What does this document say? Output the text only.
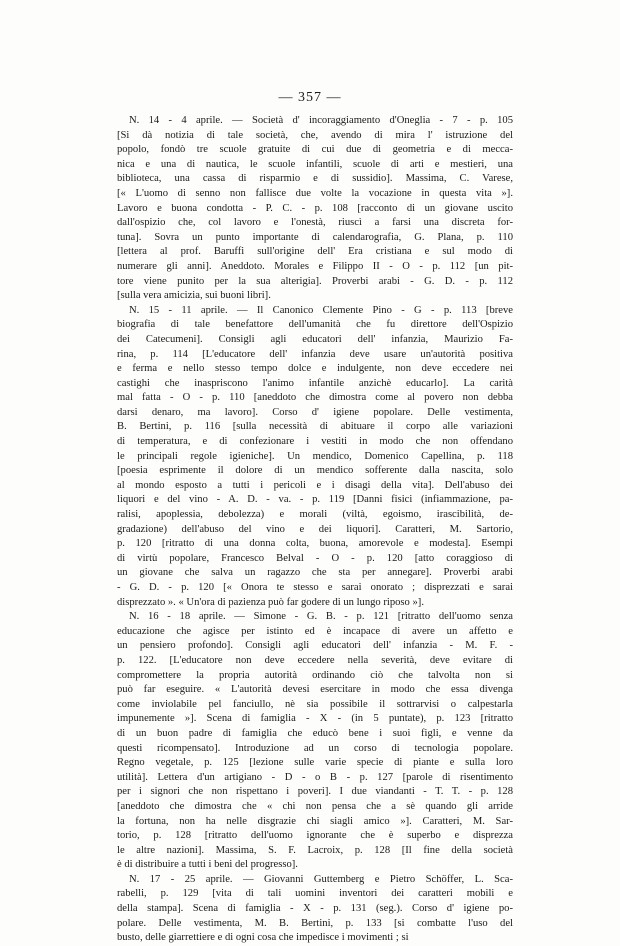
— 357 —
N. 14 - 4 aprile. — Società d' incoraggiamento d'Oneglia - 7 - p. 105
[Si dà notizia di tale società, che, avendo di mira l' istruzione del
popolo, fondò tre scuole gratuite di cui due di geometria e di mecca-
nica e una di nautica, le scuole infantili, scuole di arti e mestieri, una
biblioteca, una cassa di risparmio e di sussidio]. Massima, C. Varese,
[« L'uomo di senno non fallisce due volte la vocazione in questa vita »].
Lavoro e buona condotta - P. C. - p. 108 [racconto di un giovane uscito
dall'ospizio che, col lavoro e l'onestà, riuscì a farsi una discreta for-
tuna]. Sovra un punto importante di calendarografia, G. Plana, p. 110
[lettera al prof. Baruffi sull'origine dell' Era cristiana e sul modo di
numerare gli anni]. Aneddoto. Morales e Filippo II - O - p. 112 [un pit-
tore viene punito per la sua alterigia]. Proverbi arabi - G. D. - p. 112
[sulla vera amicizia, sui buoni libri].
N. 15 - 11 aprile. — Il Canonico Clemente Pino - G - p. 113 [breve
biografia di tale benefattore dell'umanità che fu direttore dell'Ospizio
dei Catecumeni]. Consigli agli educatori dell' infanzia, Maurizio Fa-
rina, p. 114 [L'educatore dell' infanzia deve usare un'autorità positiva
e ferma e nello stesso tempo dolce e indulgente, non deve eccedere nei
castighi che inaspriscono l'animo infantile anzichè educarlo]. La carità
mal fatta - O - p. 110 [aneddoto che dimostra come al povero non debba
darsi denaro, ma lavoro]. Corso d' igiene popolare. Delle vestimenta,
B. Bertini, p. 116 [sulla necessità di abituare il corpo alle variazioni
di temperatura, e di confezionare i vestiti in modo che non offendano
le principali regole igieniche]. Un mendico, Domenico Capellina, p. 118
[poesia esprimente il dolore di un mendico sofferente dalla nascita, solo
al mondo esposto a tutti i pericoli e i disagi della vita]. Dell'abuso dei
liquori e del vino - A. D. - va. - p. 119 [Danni fisici (infiammazione, pa-
ralisi, apoplessia, debolezza) e morali (viltà, egoismo, irascibilità, de-
gradazione) dell'abuso del vino e dei liquori]. Caratteri, M. Sartorio,
p. 120 [ritratto di una donna colta, buona, amorevole e modesta]. Esempi
di virtù popolare, Francesco Belval - O - p. 120 [atto coraggioso di
un giovane che salva un ragazzo che sta per annegare]. Proverbi arabi
- G. D. - p. 120 [« Onora te stesso e sarai onorato ; disprezzati e sarai
disprezzato ». « Un'ora di pazienza può far godere di un lungo riposo »].
N. 16 - 18 aprile. — Simone - G. B. - p. 121 [ritratto dell'uomo senza
educazione che agisce per istinto ed è incapace di avere un affetto e
un pensiero profondo]. Consigli agli educatori dell' infanzia - M. F. -
p. 122. [L'educatore non deve eccedere nella severità, deve evitare di
compromettere la propria autorità ordinando ciò che talvolta non si
può far eseguire. « L'autorità devesi esercitare in modo che essa divenga
come inviolabile pel fanciullo, nè sia possibile il sottrarvisi o calpestarla
impunemente »]. Scena di famiglia - X - (in 5 puntate), p. 123 [ritratto
di un buon padre di famiglia che educò bene i suoi figli, e venne da
questi ricompensato]. Introduzione ad un corso di tecnologia popolare.
Regno vegetale, p. 125 [lezione sulle varie specie di piante e sulla loro
utilità]. Lettera d'un artigiano - D - o B - p. 127 [parole di risentimento
per i signori che non rispettano i poveri]. I due viandanti - T. T. - p. 128
[aneddoto che dimostra che « chi non pensa che a sè quando gli arride
la fortuna, non ha nelle disgrazie chi siagli amico »]. Caratteri, M. Sar-
torio, p. 128 [ritratto dell'uomo ignorante che è superbo e disprezza
le altre nazioni]. Massima, S. F. Lacroix, p. 128 [Il fine della società
è di distribuire a tutti i beni del progresso].
N. 17 - 25 aprile. — Giovanni Guttemberg e Pietro Schöffer, L. Sca-
rabelli, p. 129 [vita di tali uomini inventori dei caratteri mobili e
della stampa]. Scena di famiglia - X - p. 131 (seg.). Corso d' igiene po-
polare. Delle vestimenta, M. B. Bertini, p. 133 [si combatte l'uso del
busto, delle giarrettiere e di ogni cosa che impedisce i movimenti ; si
